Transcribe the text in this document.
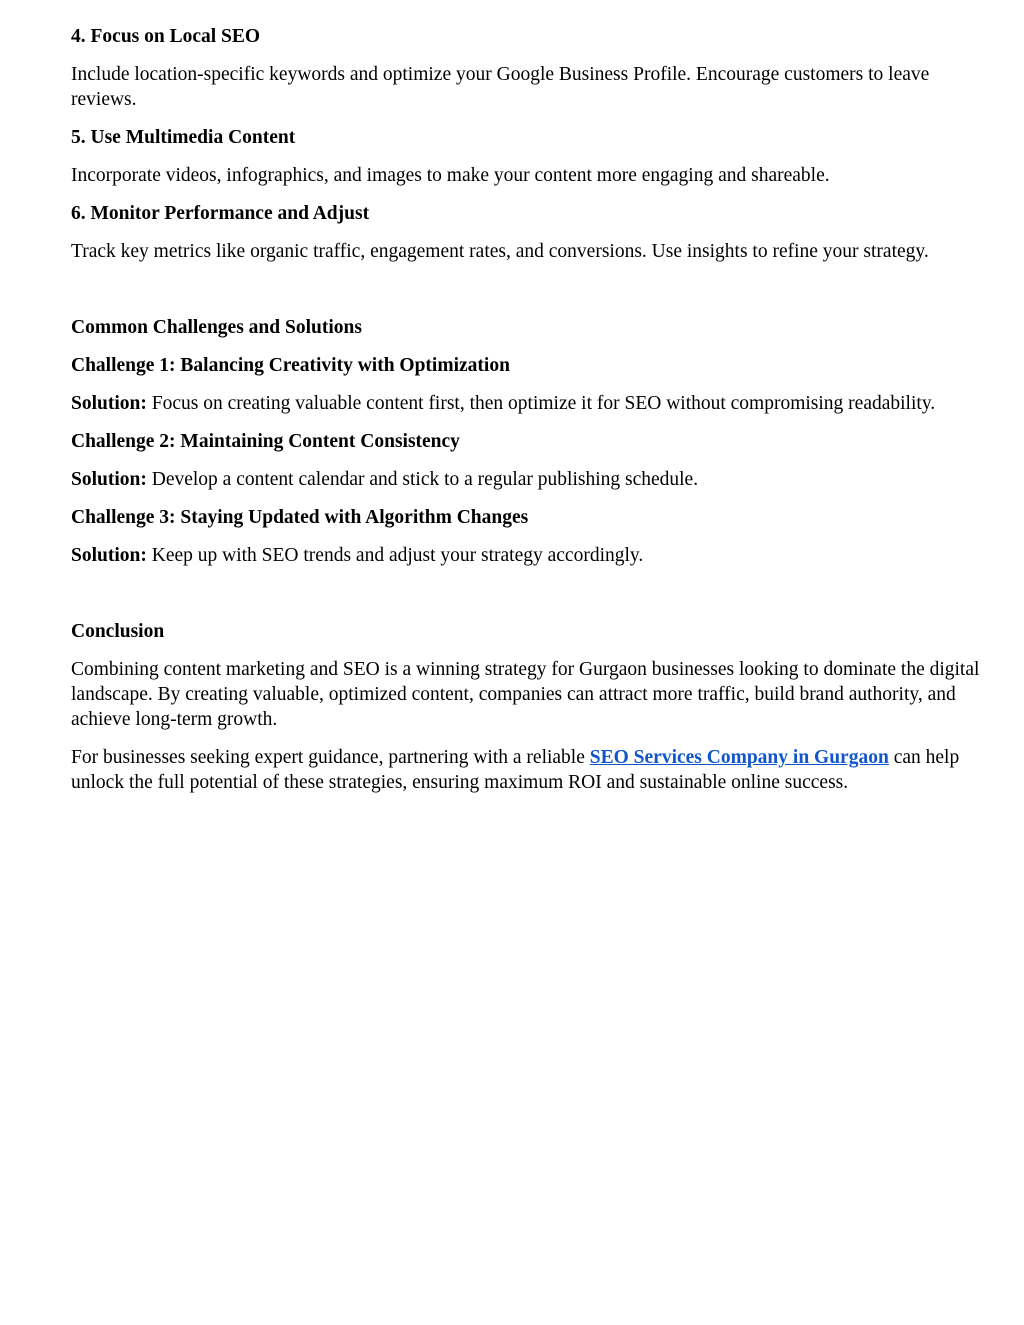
4. Focus on Local SEO
Include location-specific keywords and optimize your Google Business Profile. Encourage customers to leave reviews.
5. Use Multimedia Content
Incorporate videos, infographics, and images to make your content more engaging and shareable.
6. Monitor Performance and Adjust
Track key metrics like organic traffic, engagement rates, and conversions. Use insights to refine your strategy.
Common Challenges and Solutions
Challenge 1: Balancing Creativity with Optimization
Solution: Focus on creating valuable content first, then optimize it for SEO without compromising readability.
Challenge 2: Maintaining Content Consistency
Solution: Develop a content calendar and stick to a regular publishing schedule.
Challenge 3: Staying Updated with Algorithm Changes
Solution: Keep up with SEO trends and adjust your strategy accordingly.
Conclusion
Combining content marketing and SEO is a winning strategy for Gurgaon businesses looking to dominate the digital landscape. By creating valuable, optimized content, companies can attract more traffic, build brand authority, and achieve long-term growth.
For businesses seeking expert guidance, partnering with a reliable SEO Services Company in Gurgaon can help unlock the full potential of these strategies, ensuring maximum ROI and sustainable online success.
